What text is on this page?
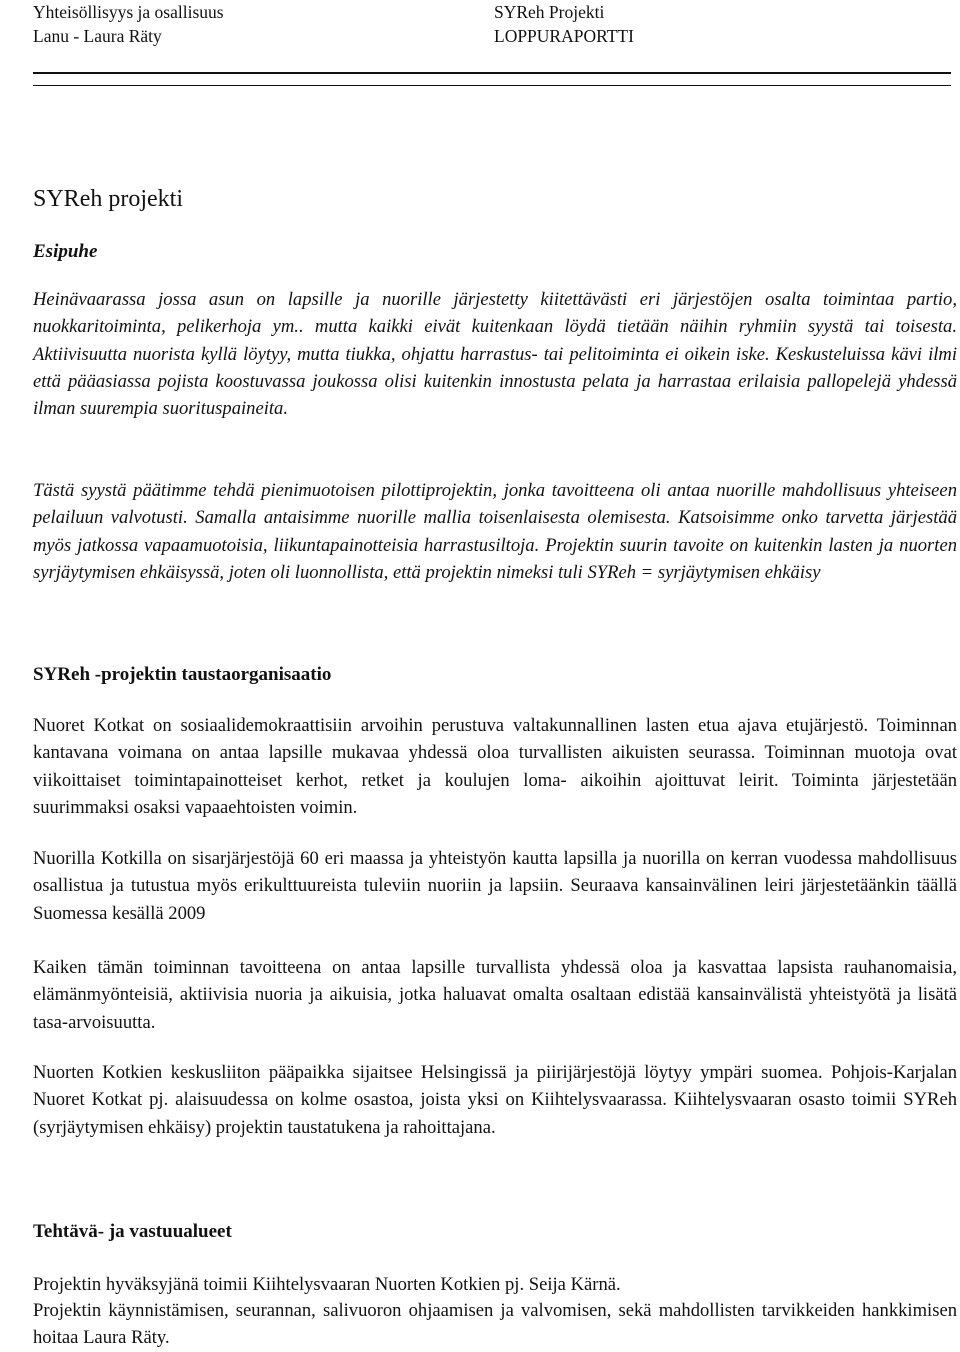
Yhteisöllisyys ja osallisuus
Lanu - Laura Räty
SYReh Projekti
LOPPURAPORTTI
SYReh projekti
Esipuhe

Heinävaarassa jossa asun on lapsille ja nuorille järjestetty kiitettävästi eri järjestöjen osalta toimintaa partio, nuokkaritoiminta, pelikerhoja ym.. mutta kaikki eivät kuitenkaan löydä tietään näihin ryhmiin syystä tai toisesta. Aktiivisuutta nuorista kyllä löytyy, mutta tiukka, ohjattu harrastus- tai pelitoiminta ei oikein iske. Keskusteluissa kävi ilmi että pääasiassa pojista koostuvassa joukossa olisi kuitenkin innostusta pelata ja harrastaa erilaisia pallopelejä yhdessä ilman suurempia suorituspaineita.

Tästä syystä päätimme tehdä pienimuotoisen pilottiprojektin, jonka tavoitteena oli antaa nuorille mahdollisuus yhteiseen pelailuun valvotusti. Samalla antaisimme nuorille mallia toisenlaisesta olemisesta. Katsoisimme onko tarvetta järjestää myös jatkossa vapaamuotoisia, liikuntapainotteisia harrastusiltoja. Projektin suurin tavoite on kuitenkin lasten ja nuorten syrjäytymisen ehkäisyssä, joten oli luonnollista, että projektin nimeksi tuli SYReh = syrjäytymisen ehkäisy

SYReh -projektin taustaorganisaatio

Nuoret Kotkat on sosiaalidemokraattisiin arvoihin perustuva valtakunnallinen lasten etua ajava etujärjestö. Toiminnan kantavana voimana on antaa lapsille mukavaa yhdessä oloa turvallisten aikuisten seurassa. Toiminnan muotoja ovat viikoittaiset toimintapainotteiset kerhot, retket ja koulujen loma- aikoihin ajoittuvat leirit. Toiminta järjestetään suurimmaksi osaksi vapaaehtoisten voimin.

Nuorilla Kotkilla on sisarjärjestöjä 60 eri maassa ja yhteistyön kautta lapsilla ja nuorilla on kerran vuodessa mahdollisuus osallistua ja tutustua myös erikulttuureista tuleviin nuoriin ja lapsiin. Seuraava kansainvälinen leiri järjestetäänkin täällä Suomessa kesällä 2009

Kaiken tämän toiminnan tavoitteena on antaa lapsille turvallista yhdessä oloa ja kasvattaa lapsista rauhanomaisia, elämänmyönteisiä, aktiivisia nuoria ja aikuisia, jotka haluavat omalta osaltaan edistää kansainvälistä yhteistyötä ja lisätä tasa-arvoisuutta.

Nuorten Kotkien keskusliiton pääpaikka sijaitsee Helsingissä ja piirijärjestöjä löytyy ympäri suomea. Pohjois-Karjalan Nuoret Kotkat pj. alaisuudessa on kolme osastoa, joista yksi on Kiihtelysvaarassa. Kiihtelysvaaran osasto toimii SYReh (syrjäytymisen ehkäisy) projektin taustatukena ja rahoittajana.

Tehtävä- ja vastuualueet

Projektin hyväksyjänä toimii Kiihtelysvaaran Nuorten Kotkien pj. Seija Kärnä.

Projektin käynnistämisen, seurannan, salivuoron ohjaamisen ja valvomisen, sekä mahdollisten tarvikkeiden hankkimisen hoitaa Laura Räty.
